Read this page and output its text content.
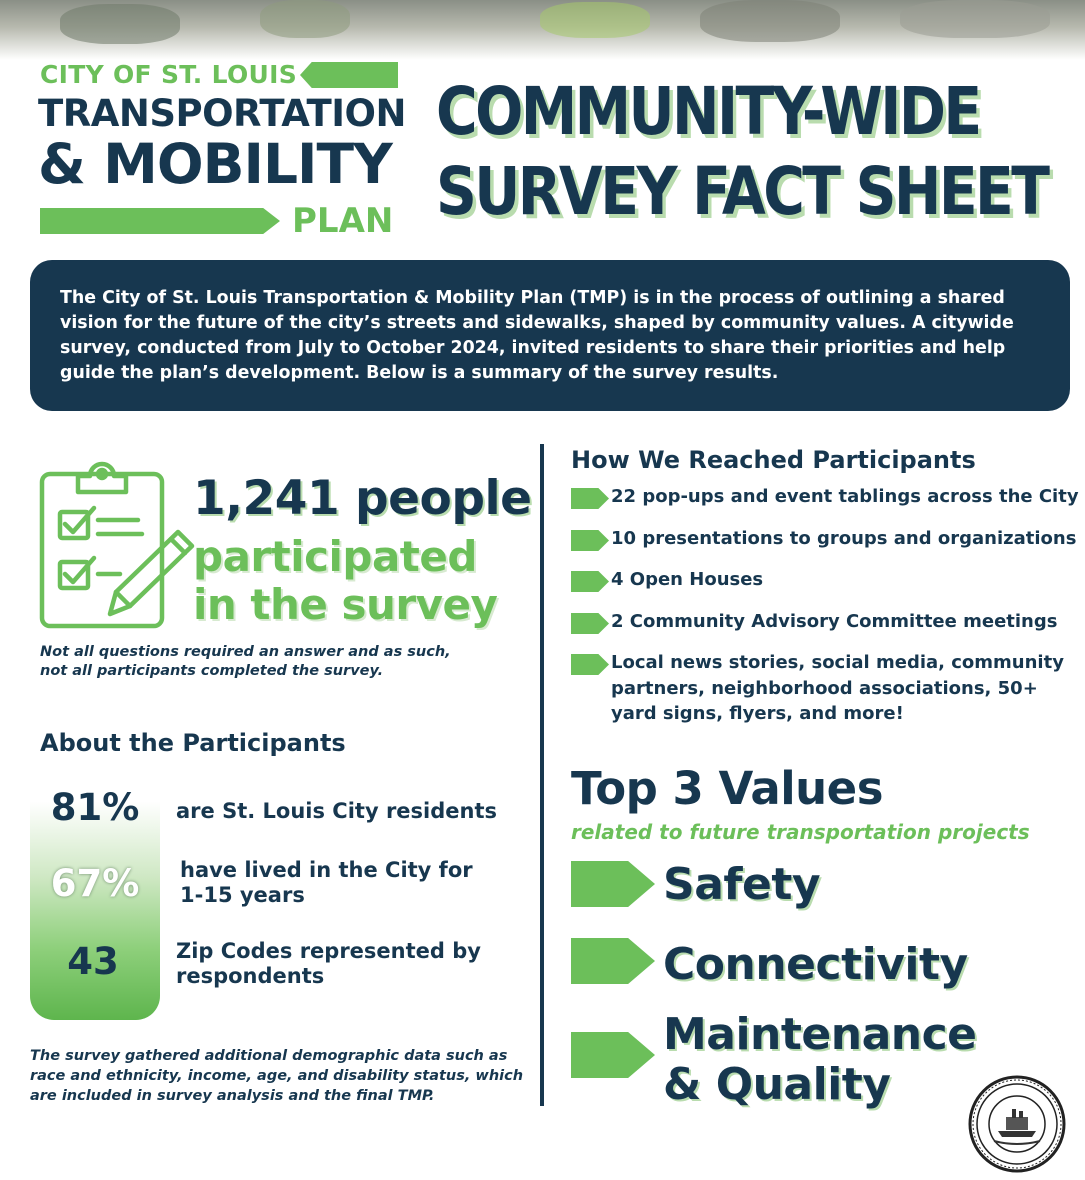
CITY OF ST. LOUIS
TRANSPORTATION
& MOBILITY
PLAN
COMMUNITY-WIDE
SURVEY FACT SHEET

The City of St. Louis Transportation & Mobility Plan (TMP) is in the process of outlining a shared vision for the future of the city’s streets and sidewalks, shaped by community values. A citywide survey, conducted from July to October 2024, invited residents to share their priorities and help guide the plan’s development. Below is a summary of the survey results.

1,241 people
participated
in the survey
Not all questions required an answer and as such, not all participants completed the survey.
About the Participants
81%	are St. Louis City residents
67%	have lived in the City for 1-15 years
43	Zip Codes represented by respondents
The survey gathered additional demographic data such as race and ethnicity, income, age, and disability status, which are included in survey analysis and the final TMP.
How We Reached Participants
22 pop-ups and event tablings across the City
10 presentations to groups and organizations
4 Open Houses
2 Community Advisory Committee meetings
Local news stories, social media, community partners, neighborhood associations, 50+ yard signs, flyers, and more!
Top 3 Values
related to future transportation projects
Safety
Connectivity
Maintenance
& Quality
